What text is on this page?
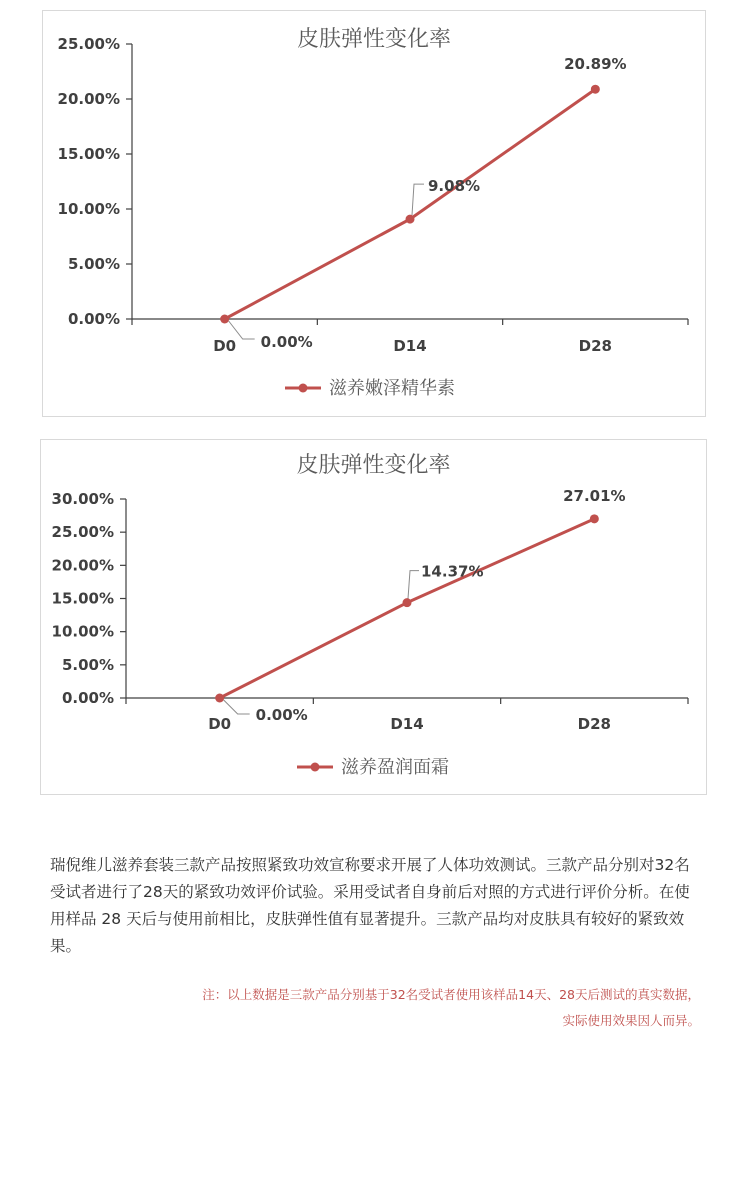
皮肤弹性变化率
0.00%
5.00%
10.00%
15.00%
20.00%
25.00%
D0	D14	D28
0.00%
9.08%
20.89%
滋养嫩泽精华素
皮肤弹性变化率
0.00%
5.00%
10.00%
15.00%
20.00%
25.00%
30.00%
D0	D14	D28
0.00%
14.37%
27.01%
滋养盈润面霜

瑞倪维儿滋养套装三款产品按照紧致功效宣称要求开展了人体功效测试。三款产品分别对32名受试者进行了28天的紧致功效评价试验。采用受试者自身前后对照的方式进行评价分析。在使用样品 28 天后与使用前相比，皮肤弹性值有显著提升。三款产品均对皮肤具有较好的紧致效果。

注：以上数据是三款产品分别基于32名受试者使用该样品14天、28天后测试的真实数据，
实际使用效果因人而异。
